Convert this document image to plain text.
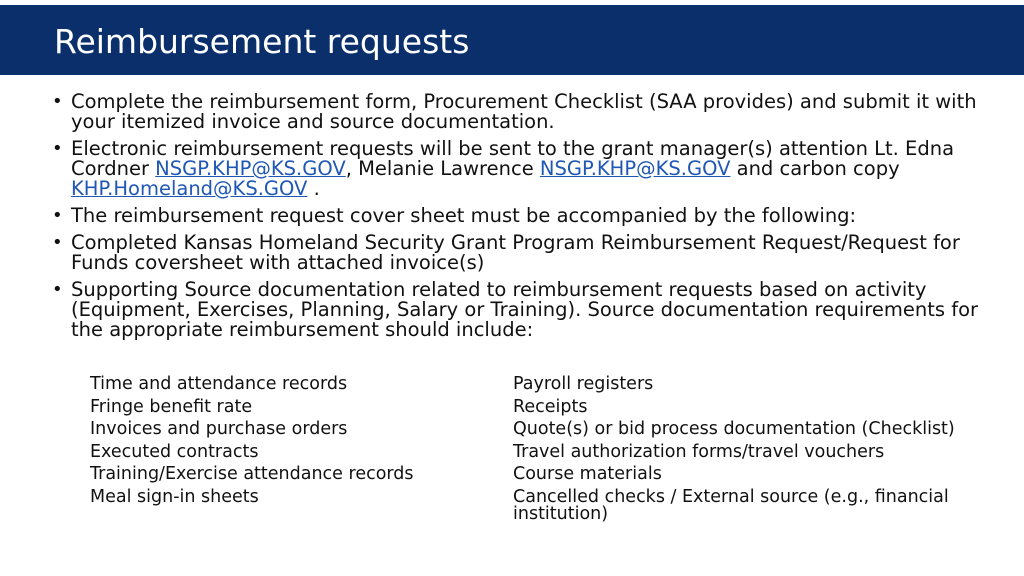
Reimbursement requests
• Complete the reimbursement form, Procurement Checklist (SAA provides) and submit it with your itemized invoice and source documentation.
• Electronic reimbursement requests will be sent to the grant manager(s) attention Lt. Edna Cordner NSGP.KHP@KS.GOV, Melanie Lawrence NSGP.KHP@KS.GOV and carbon copy KHP.Homeland@KS.GOV .
• The reimbursement request cover sheet must be accompanied by the following:
• Completed Kansas Homeland Security Grant Program Reimbursement Request/Request for Funds coversheet with attached invoice(s)
• Supporting Source documentation related to reimbursement requests based on activity (Equipment, Exercises, Planning, Salary or Training). Source documentation requirements for the appropriate reimbursement should include:
Time and attendance records
Fringe benefit rate
Invoices and purchase orders
Executed contracts
Training/Exercise attendance records
Meal sign-in sheets
Payroll registers
Receipts
Quote(s) or bid process documentation (Checklist)
Travel authorization forms/travel vouchers
Course materials
Cancelled checks / External source (e.g., financial institution)
